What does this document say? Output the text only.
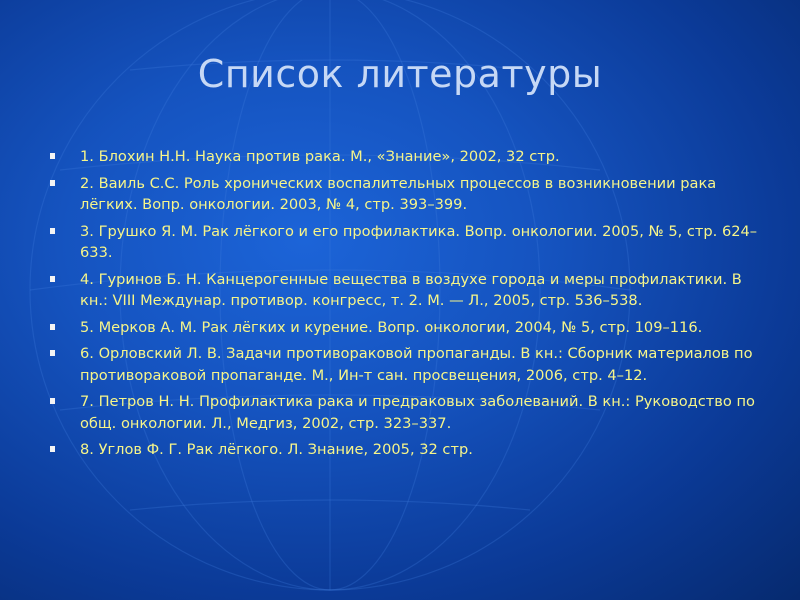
Список литературы
1. Блохин Н.Н. Наука против рака. М., «Знание», 2002, 32 стр.
2. Ваиль С.С. Роль хронических воспалительных процессов в возникновении рака лёгких. Вопр. онкологии. 2003, № 4, стр. 393–399.
3. Грушко Я. М. Рак лёгкого и его профилактика. Вопр. онкологии. 2005, № 5, стр. 624–633.
4. Гуринов Б. Н. Канцерогенные вещества в воздухе города и меры профилактики. В кн.: VIII Междунар. противор. конгресс, т. 2. М. — Л., 2005, стр. 536–538.
5. Мерков А. М. Рак лёгких и курение. Вопр. онкологии, 2004, № 5, стр. 109–116.
6. Орловский Л. В. Задачи противораковой пропаганды. В кн.: Сборник материалов по противораковой пропаганде. М., Ин-т сан. просвещения, 2006, стр. 4–12.
7. Петров Н. Н. Профилактика рака и предраковых заболеваний. В кн.: Руководство по общ. онкологии. Л., Медгиз, 2002, стр. 323–337.
8. Углов Ф. Г. Рак лёгкого. Л. Знание, 2005, 32 стр.
